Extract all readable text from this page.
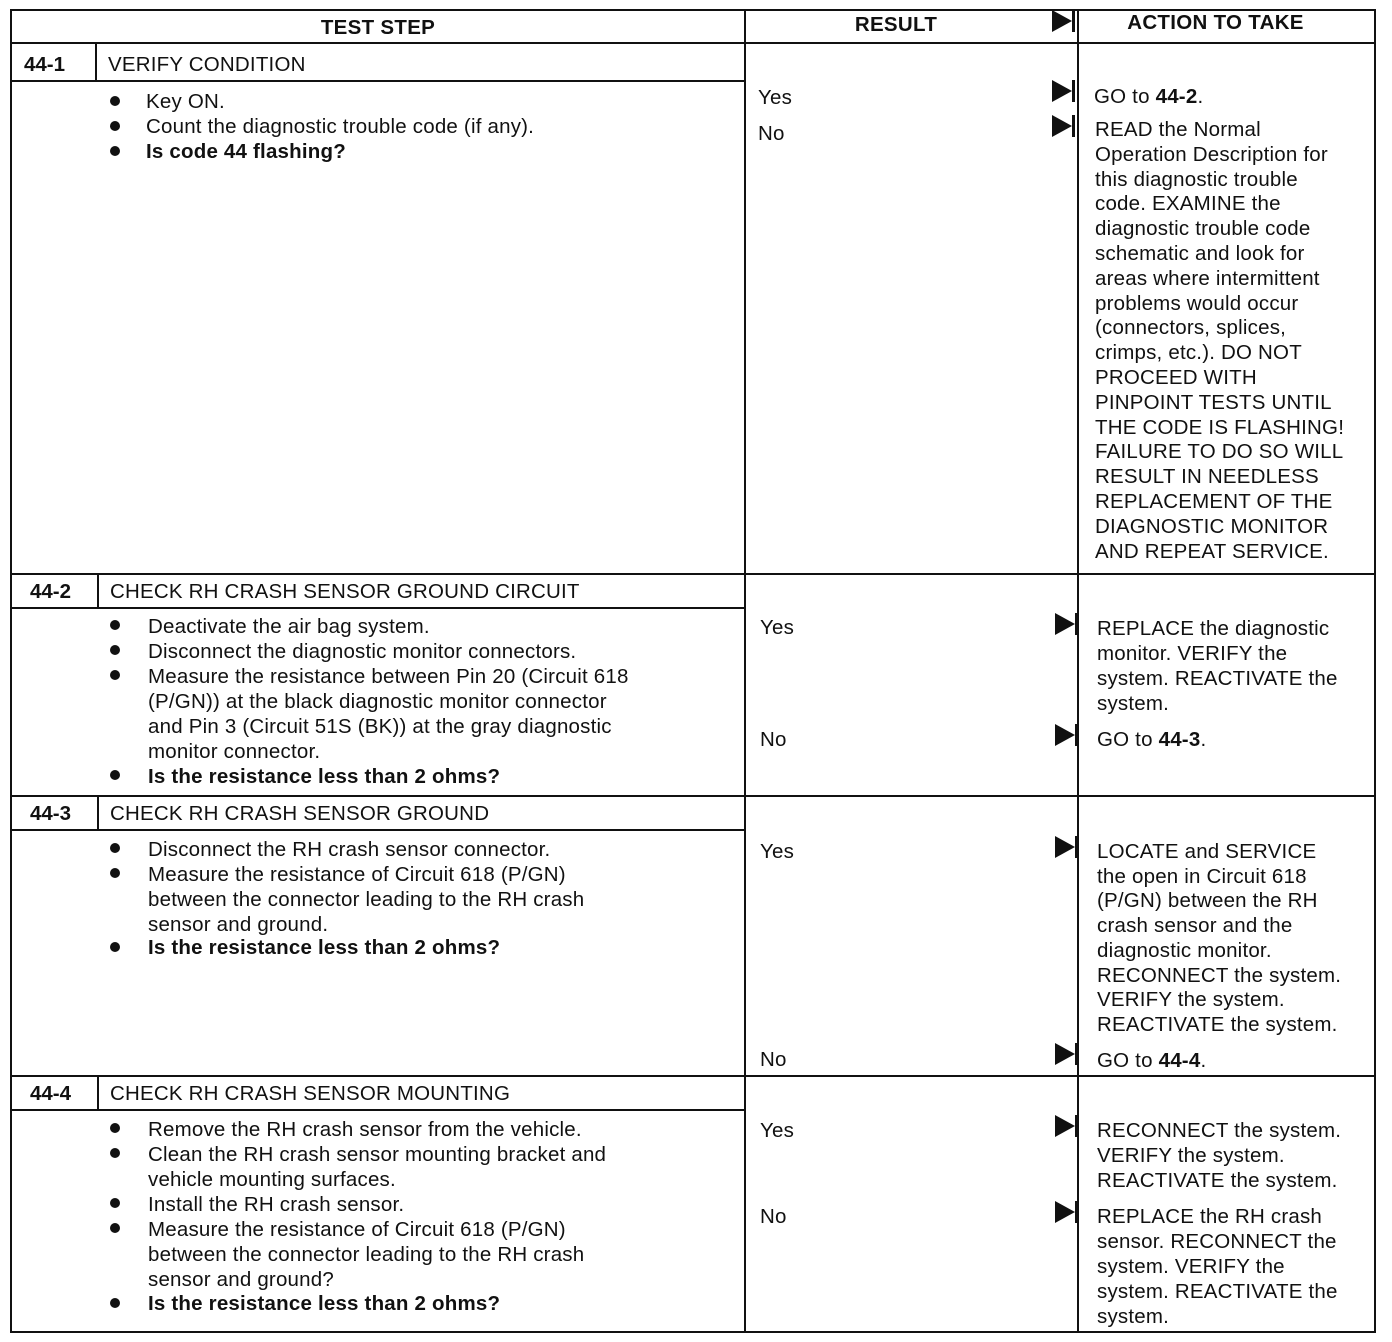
TEST STEP	RESULT	ACTION TO TAKE
44-1 VERIFY CONDITION
Key ON.
Count the diagnostic trouble code (if any).
Is code 44 flashing?
Yes
No
GO to 44-2.
READ the Normal
Operation Description for
this diagnostic trouble
code. EXAMINE the
diagnostic trouble code
schematic and look for
areas where intermittent
problems would occur
(connectors, splices,
crimps, etc.). DO NOT
PROCEED WITH
PINPOINT TESTS UNTIL
THE CODE IS FLASHING!
FAILURE TO DO SO WILL
RESULT IN NEEDLESS
REPLACEMENT OF THE
DIAGNOSTIC MONITOR
AND REPEAT SERVICE.
44-2 CHECK RH CRASH SENSOR GROUND CIRCUIT
Deactivate the air bag system.
Disconnect the diagnostic monitor connectors.
Measure the resistance between Pin 20 (Circuit 618
(P/GN)) at the black diagnostic monitor connector
and Pin 3 (Circuit 51S (BK)) at the gray diagnostic
monitor connector.
Is the resistance less than 2 ohms?
Yes
No
REPLACE the diagnostic
monitor. VERIFY the
system. REACTIVATE the
system.
GO to 44-3.
44-3 CHECK RH CRASH SENSOR GROUND
Disconnect the RH crash sensor connector.
Measure the resistance of Circuit 618 (P/GN)
between the connector leading to the RH crash
sensor and ground.
Is the resistance less than 2 ohms?
Yes
No
LOCATE and SERVICE
the open in Circuit 618
(P/GN) between the RH
crash sensor and the
diagnostic monitor.
RECONNECT the system.
VERIFY the system.
REACTIVATE the system.
GO to 44-4.
44-4 CHECK RH CRASH SENSOR MOUNTING
Remove the RH crash sensor from the vehicle.
Clean the RH crash sensor mounting bracket and
vehicle mounting surfaces.
Install the RH crash sensor.
Measure the resistance of Circuit 618 (P/GN)
between the connector leading to the RH crash
sensor and ground?
Is the resistance less than 2 ohms?
Yes
No
RECONNECT the system.
VERIFY the system.
REACTIVATE the system.
REPLACE the RH crash
sensor. RECONNECT the
system. VERIFY the
system. REACTIVATE the
system.
